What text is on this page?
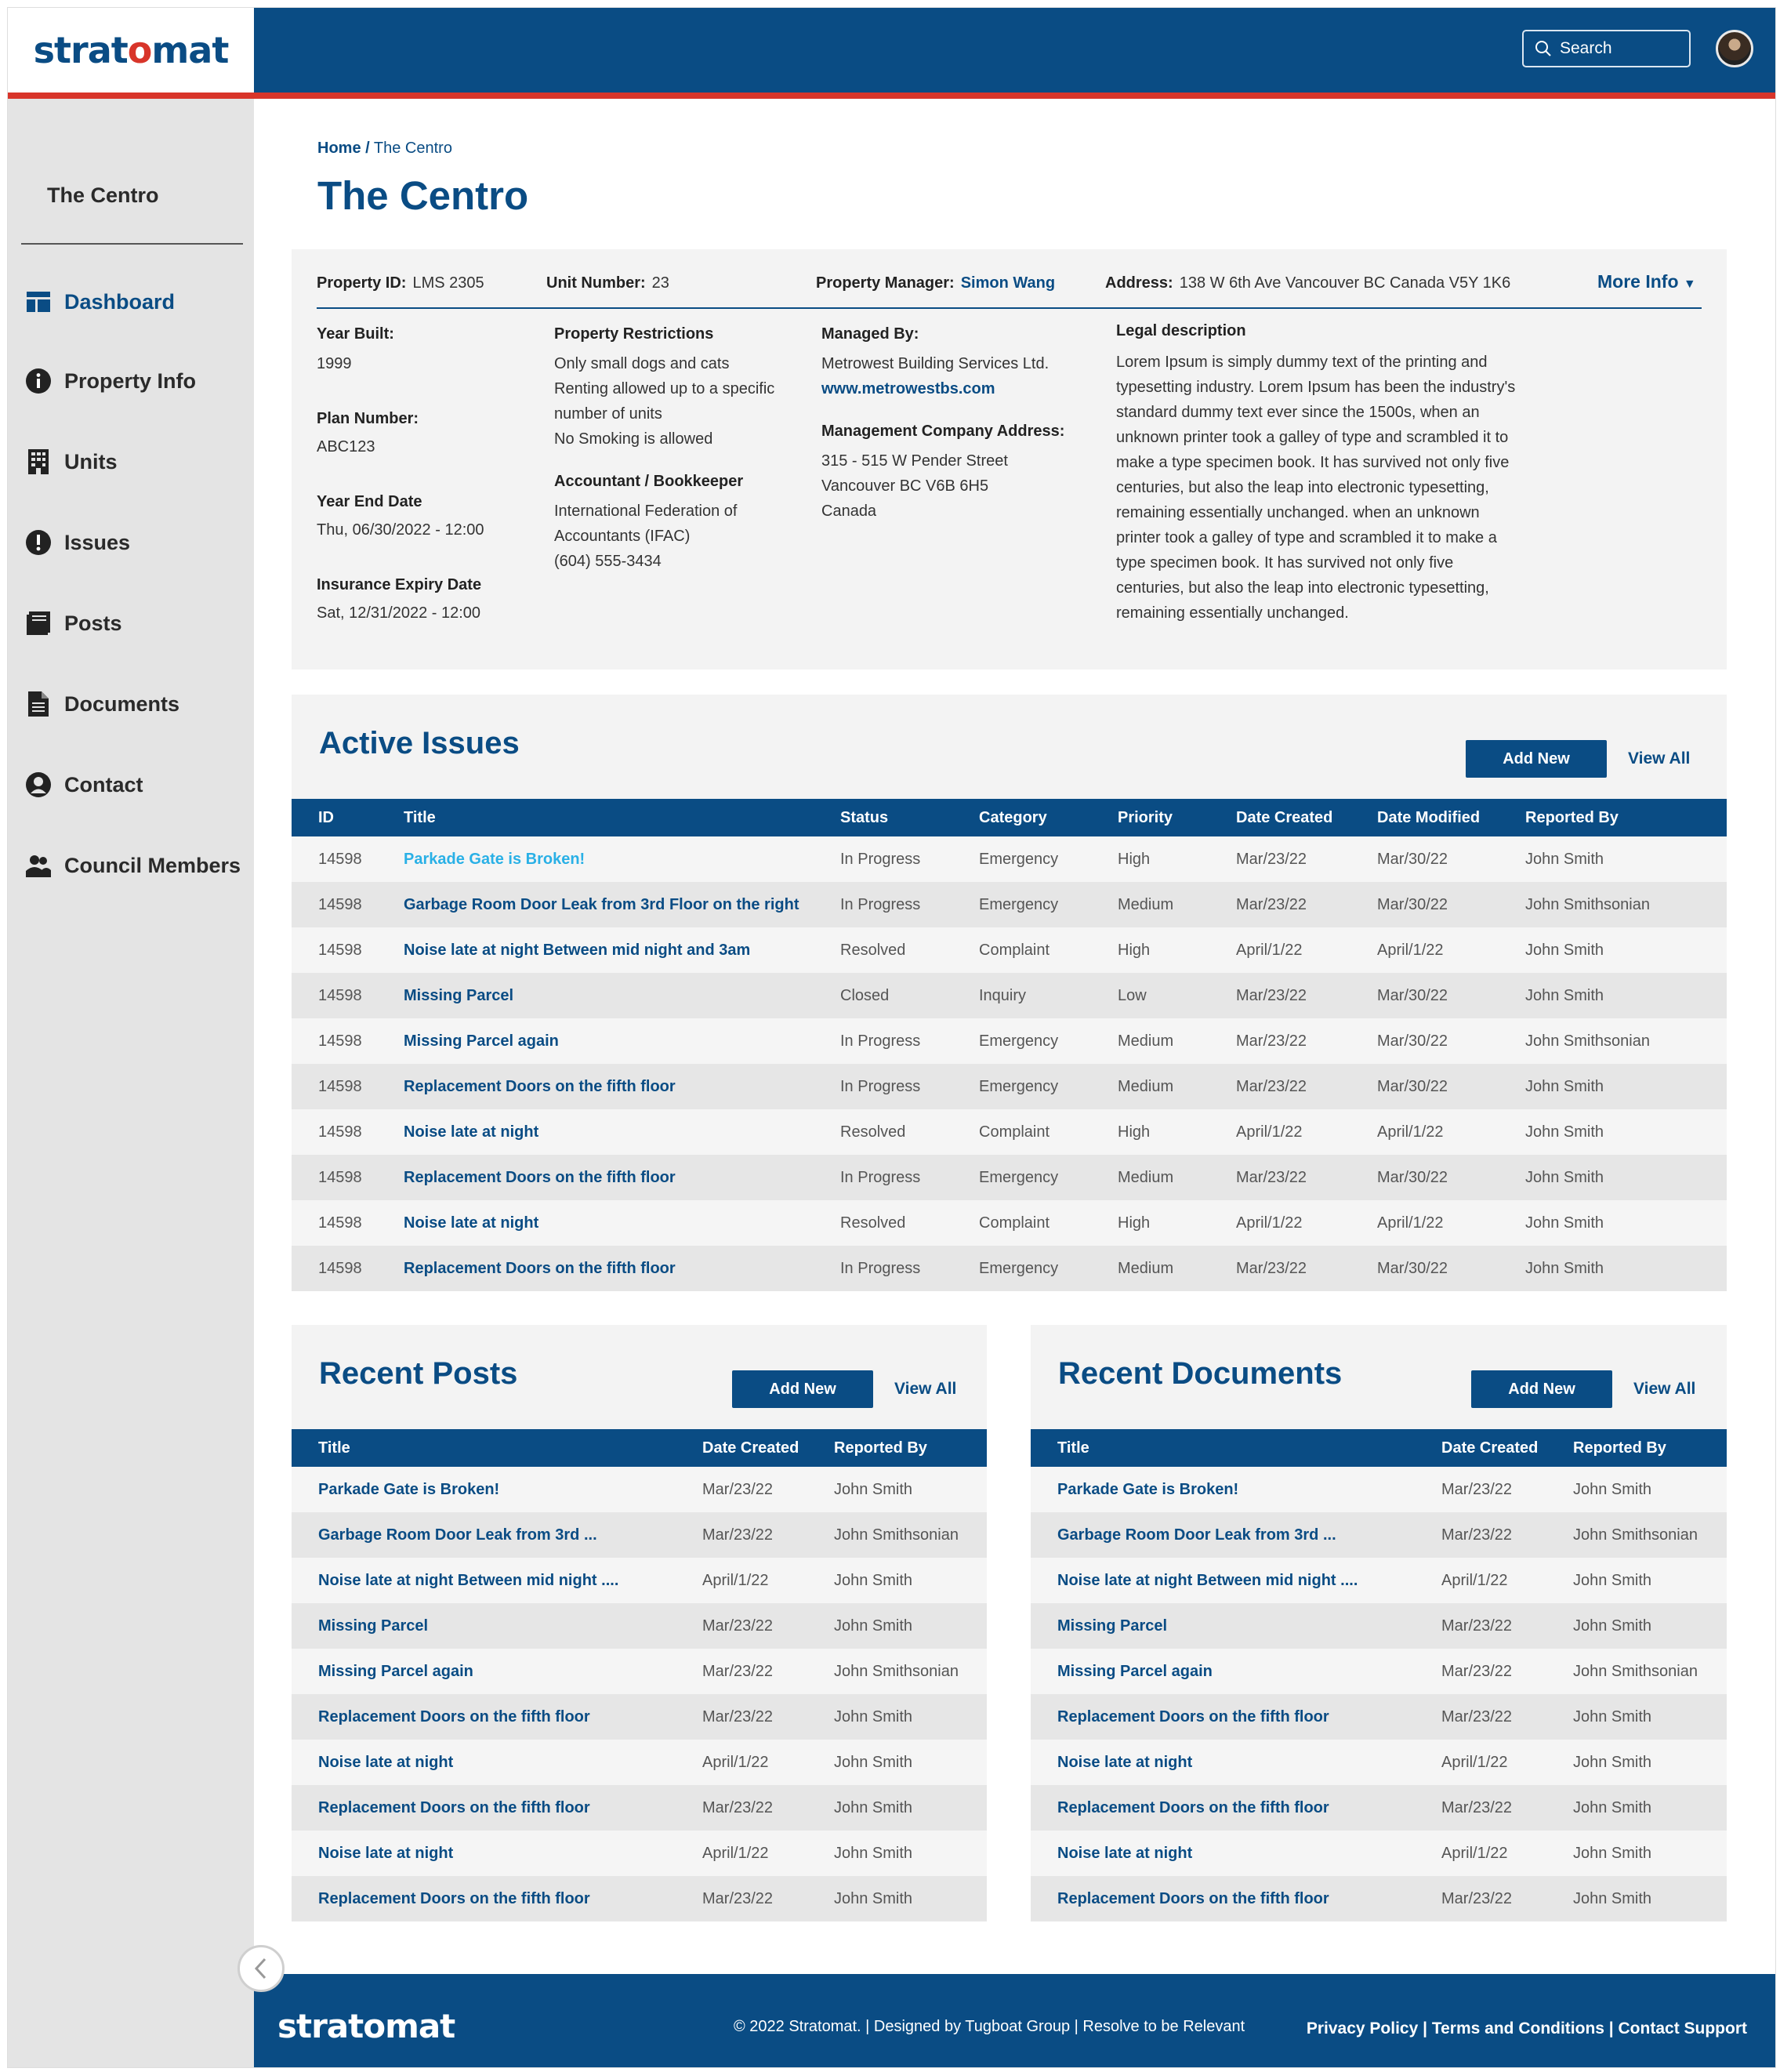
stratomat	Search
The Centro
Dashboard
Property Info
Units
Issues
Posts
Documents
Contact
Council Members
Home / The Centro
The Centro
Property ID: LMS 2305	Unit Number: 23	Property Manager: Simon Wang	Address: 138 W 6th Ave Vancouver BC Canada V5Y 1K6	More Info ▼
Year Built:
1999
Plan Number:
ABC123
Year End Date
Thu, 06/30/2022 - 12:00
Insurance Expiry Date
Sat, 12/31/2022 - 12:00
Property Restrictions
Only small dogs and cats
Renting allowed up to a specific
number of units
No Smoking is allowed
Accountant / Bookkeeper
International Federation of
Accountants (IFAC)
(604) 555-3434
Managed By:
Metrowest Building Services Ltd.
www.metrowestbs.com
Management Company Address:
315 - 515 W Pender Street
Vancouver BC V6B 6H5
Canada
Legal description
Lorem Ipsum is simply dummy text of the printing and
typesetting industry. Lorem Ipsum has been the industry's
standard dummy text ever since the 1500s, when an
unknown printer took a galley of type and scrambled it to
make a type specimen book. It has survived not only five
centuries, but also the leap into electronic typesetting,
remaining essentially unchanged. when an unknown
printer took a galley of type and scrambled it to make a
type specimen book. It has survived not only five
centuries, but also the leap into electronic typesetting,
remaining essentially unchanged.
Active Issues	Add New	View All
ID	Title	Status	Category	Priority	Date Created	Date Modified	Reported By
14598	Parkade Gate is Broken!	In Progress	Emergency	High	Mar/23/22	Mar/30/22	John Smith
14598	Garbage Room Door Leak from 3rd Floor on the right	In Progress	Emergency	Medium	Mar/23/22	Mar/30/22	John Smithsonian
14598	Noise late at night Between mid night and 3am	Resolved	Complaint	High	April/1/22	April/1/22	John Smith
14598	Missing Parcel	Closed	Inquiry	Low	Mar/23/22	Mar/30/22	John Smith
14598	Missing Parcel again	In Progress	Emergency	Medium	Mar/23/22	Mar/30/22	John Smithsonian
14598	Replacement Doors on the fifth floor	In Progress	Emergency	Medium	Mar/23/22	Mar/30/22	John Smith
14598	Noise late at night	Resolved	Complaint	High	April/1/22	April/1/22	John Smith
14598	Replacement Doors on the fifth floor	In Progress	Emergency	Medium	Mar/23/22	Mar/30/22	John Smith
14598	Noise late at night	Resolved	Complaint	High	April/1/22	April/1/22	John Smith
14598	Replacement Doors on the fifth floor	In Progress	Emergency	Medium	Mar/23/22	Mar/30/22	John Smith
Recent Posts	Add New	View All
Title	Date Created	Reported By
Parkade Gate is Broken!	Mar/23/22	John Smith
Garbage Room Door Leak from 3rd ...	Mar/23/22	John Smithsonian
Noise late at night Between mid night ....	April/1/22	John Smith
Missing Parcel	Mar/23/22	John Smith
Missing Parcel again	Mar/23/22	John Smithsonian
Replacement Doors on the fifth floor	Mar/23/22	John Smith
Noise late at night	April/1/22	John Smith
Replacement Doors on the fifth floor	Mar/23/22	John Smith
Noise late at night	April/1/22	John Smith
Replacement Doors on the fifth floor	Mar/23/22	John Smith
Recent Documents	Add New	View All
Title	Date Created	Reported By
Parkade Gate is Broken!	Mar/23/22	John Smith
Garbage Room Door Leak from 3rd ...	Mar/23/22	John Smithsonian
Noise late at night Between mid night ....	April/1/22	John Smith
Missing Parcel	Mar/23/22	John Smith
Missing Parcel again	Mar/23/22	John Smithsonian
Replacement Doors on the fifth floor	Mar/23/22	John Smith
Noise late at night	April/1/22	John Smith
Replacement Doors on the fifth floor	Mar/23/22	John Smith
Noise late at night	April/1/22	John Smith
Replacement Doors on the fifth floor	Mar/23/22	John Smith
stratomat	© 2022 Stratomat. | Designed by Tugboat Group | Resolve to be Relevant	Privacy Policy | Terms and Conditions | Contact Support
